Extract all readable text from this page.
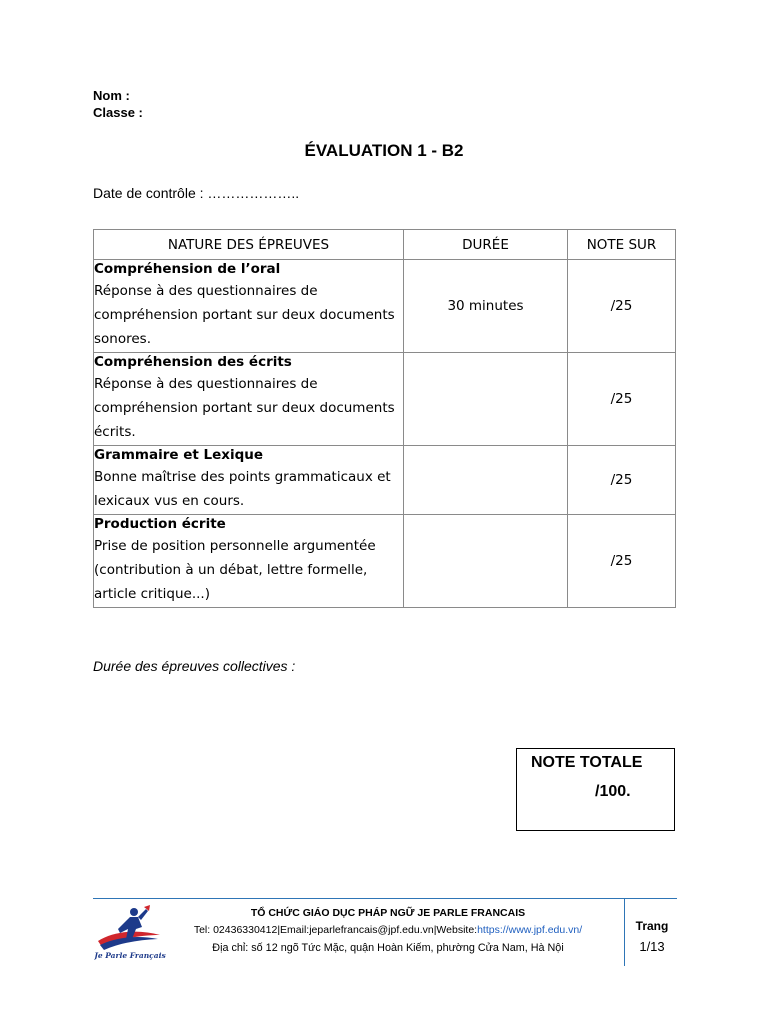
Nom :
Classe :
ÉVALUATION 1 - B2
Date de contrôle : ………………..
NATURE DES ÉPREUVES	DURÉE	NOTE SUR

Compréhension de l’oral
Réponse à des questionnaires de compréhension portant sur deux documents sonores.	30 minutes	/25

Compréhension des écrits
Réponse à des questionnaires de compréhension portant sur deux documents écrits.		/25

Grammaire et Lexique
Bonne maîtrise des points grammaticaux et lexicaux vus en cours.		/25

Production écrite
Prise de position personnelle argumentée (contribution à un débat, lettre formelle, article critique...)		/25
Durée des épreuves collectives :
NOTE TOTALE
/100.
Je Parle Français
TỔ CHỨC GIÁO DỤC PHÁP NGỮ JE PARLE FRANCAIS
Tel: 02436330412|Email:jeparlefrancais@jpf.edu.vn|Website:https://www.jpf.edu.vn/
Địa chỉ: số 12 ngõ Tức Mặc, quận Hoàn Kiếm, phường Cửa Nam, Hà Nội
Trang
1/13
